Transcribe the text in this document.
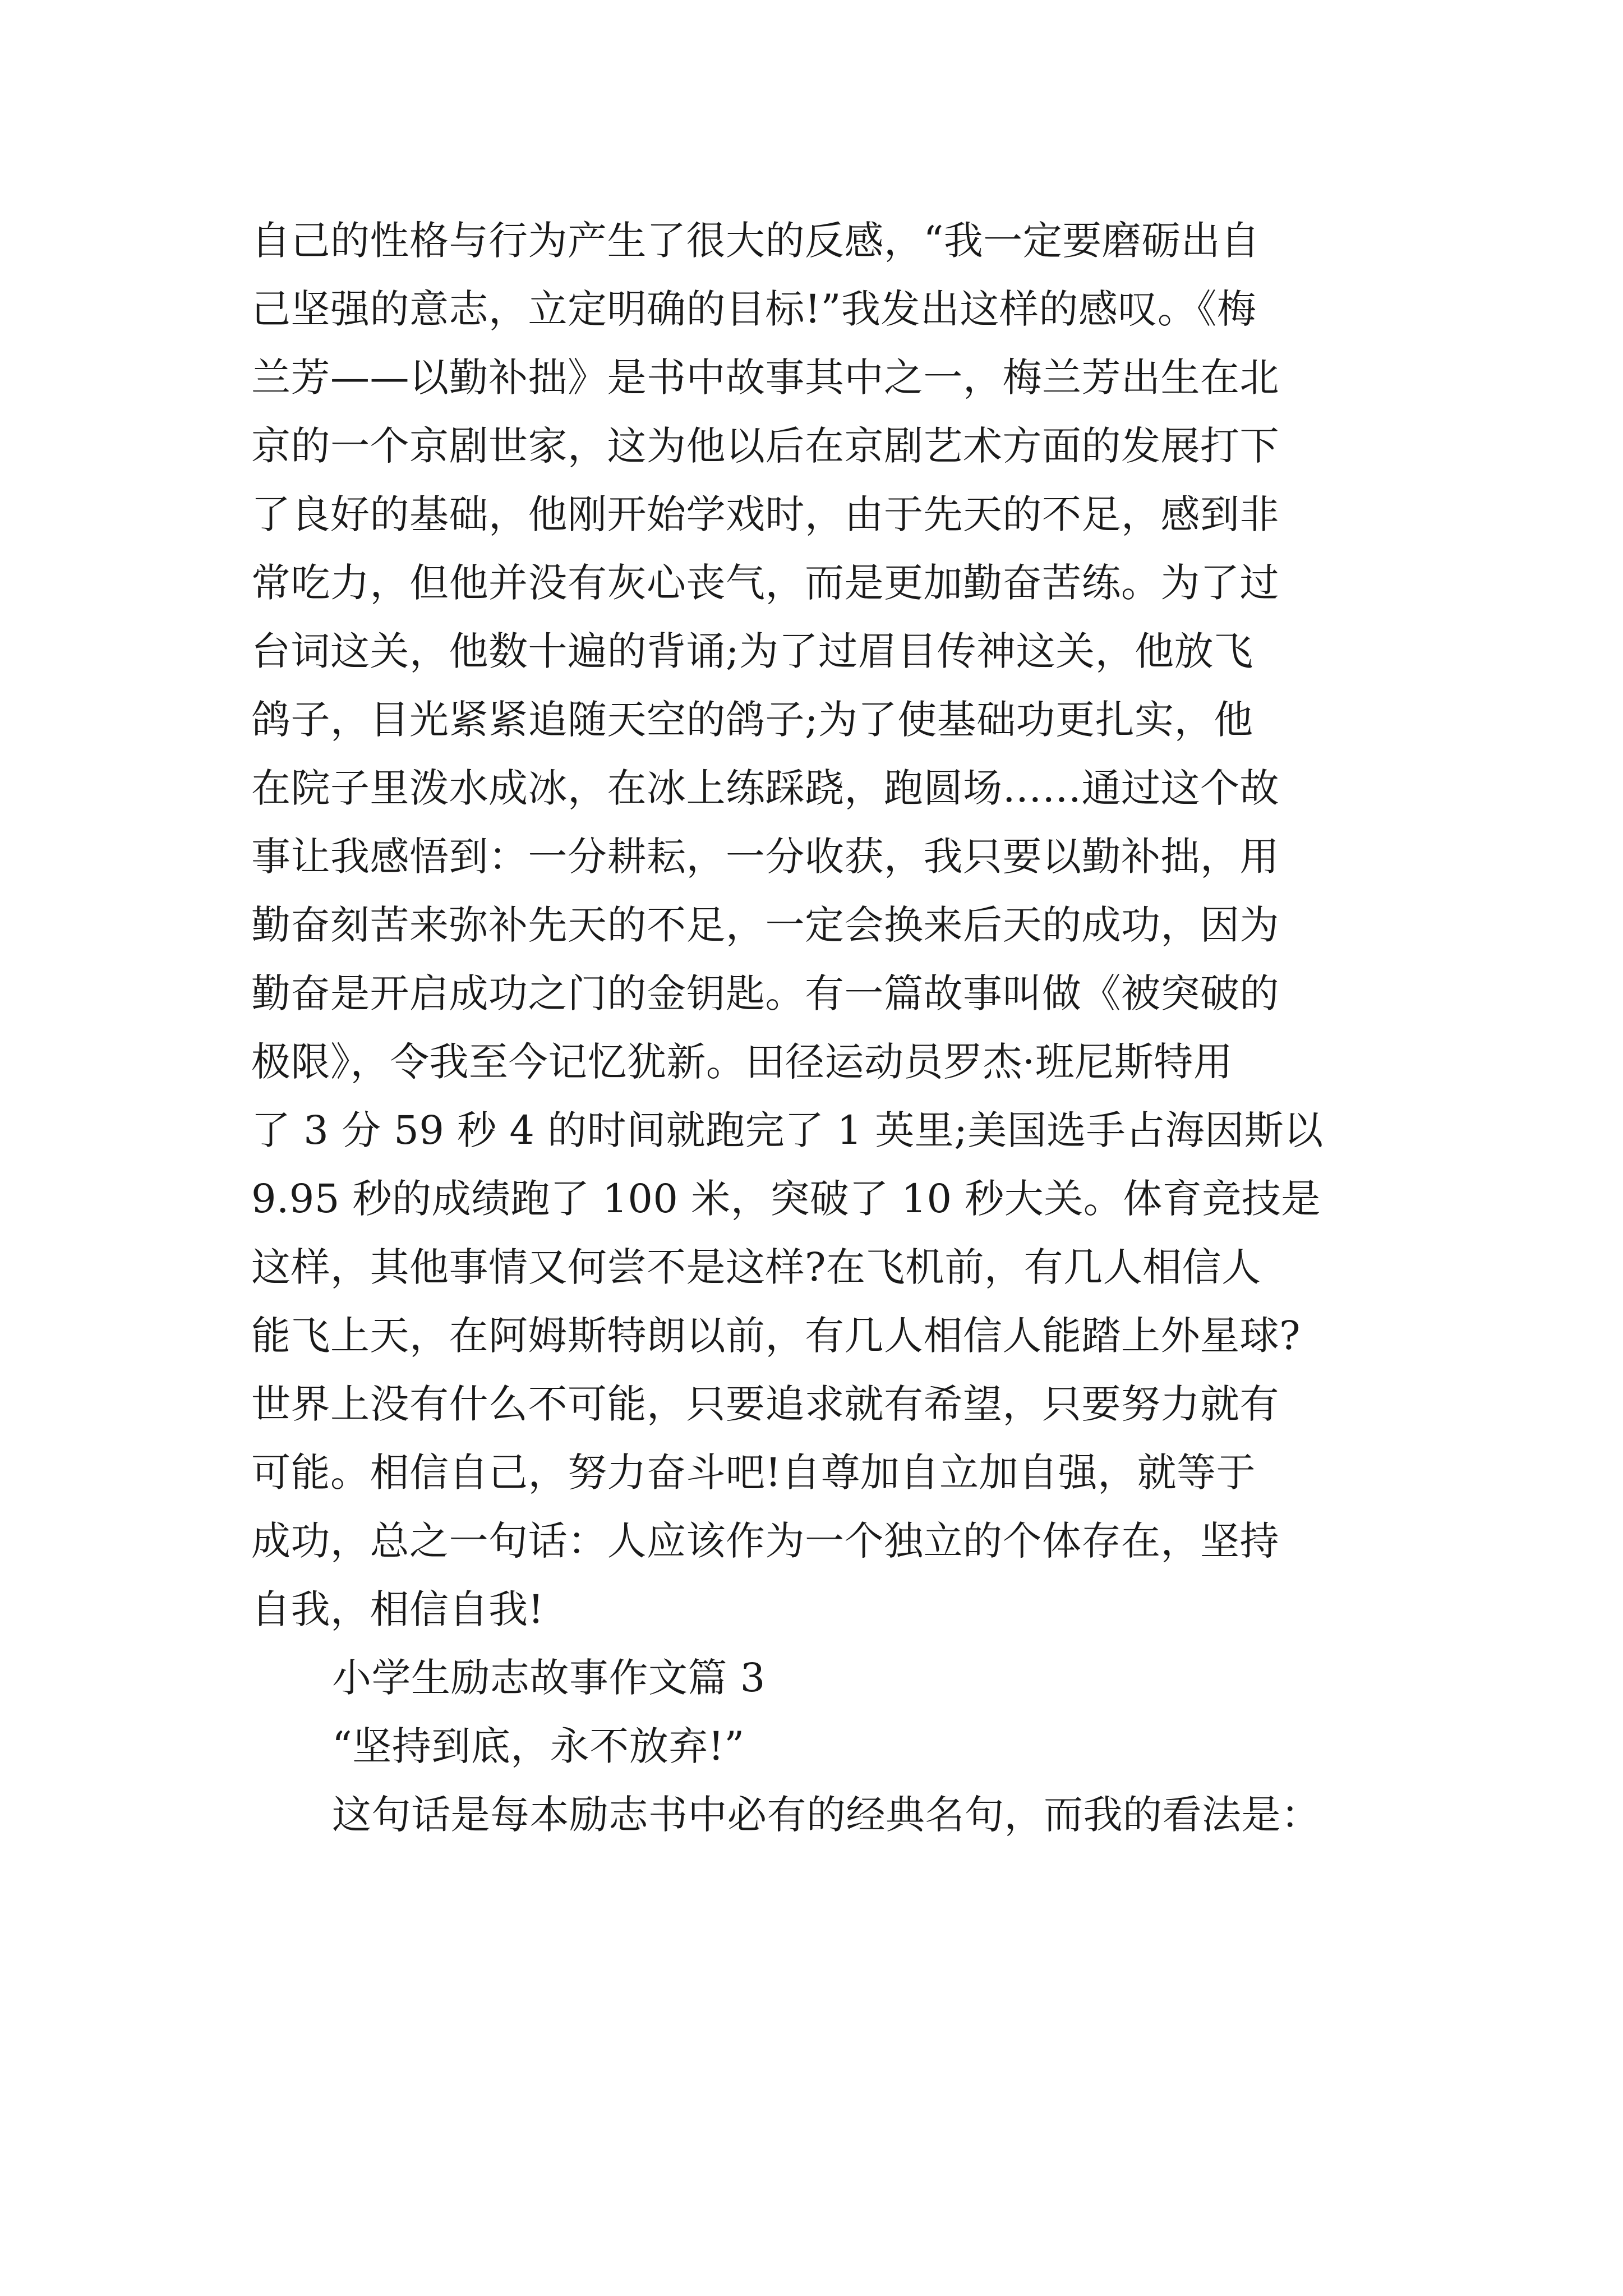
自己的性格与行为产生了很大的反感，“我一定要磨砺出自
己坚强的意志，立定明确的目标!”我发出这样的感叹。《梅
兰芳——以勤补拙》是书中故事其中之一，梅兰芳出生在北
京的一个京剧世家，这为他以后在京剧艺术方面的发展打下
了良好的基础，他刚开始学戏时，由于先天的不足，感到非
常吃力，但他并没有灰心丧气，而是更加勤奋苦练。为了过
台词这关，他数十遍的背诵;为了过眉目传神这关，他放飞
鸽子，目光紧紧追随天空的鸽子;为了使基础功更扎实，他
在院子里泼水成冰，在冰上练踩跷，跑圆场……通过这个故
事让我感悟到：一分耕耘，一分收获，我只要以勤补拙，用
勤奋刻苦来弥补先天的不足，一定会换来后天的成功，因为
勤奋是开启成功之门的金钥匙。有一篇故事叫做《被突破的
极限》，令我至今记忆犹新。田径运动员罗杰·班尼斯特用
了 3 分 59 秒 4 的时间就跑完了 1 英里;美国选手占海因斯以
9.95 秒的成绩跑了 100 米，突破了 10 秒大关。体育竞技是
这样，其他事情又何尝不是这样?在飞机前，有几人相信人
能飞上天，在阿姆斯特朗以前，有几人相信人能踏上外星球?
世界上没有什么不可能，只要追求就有希望，只要努力就有
可能。相信自己，努力奋斗吧!自尊加自立加自强，就等于
成功，总之一句话：人应该作为一个独立的个体存在，坚持
自我，相信自我!
小学生励志故事作文篇 3
“坚持到底，永不放弃!”
这句话是每本励志书中必有的经典名句，而我的看法是：
